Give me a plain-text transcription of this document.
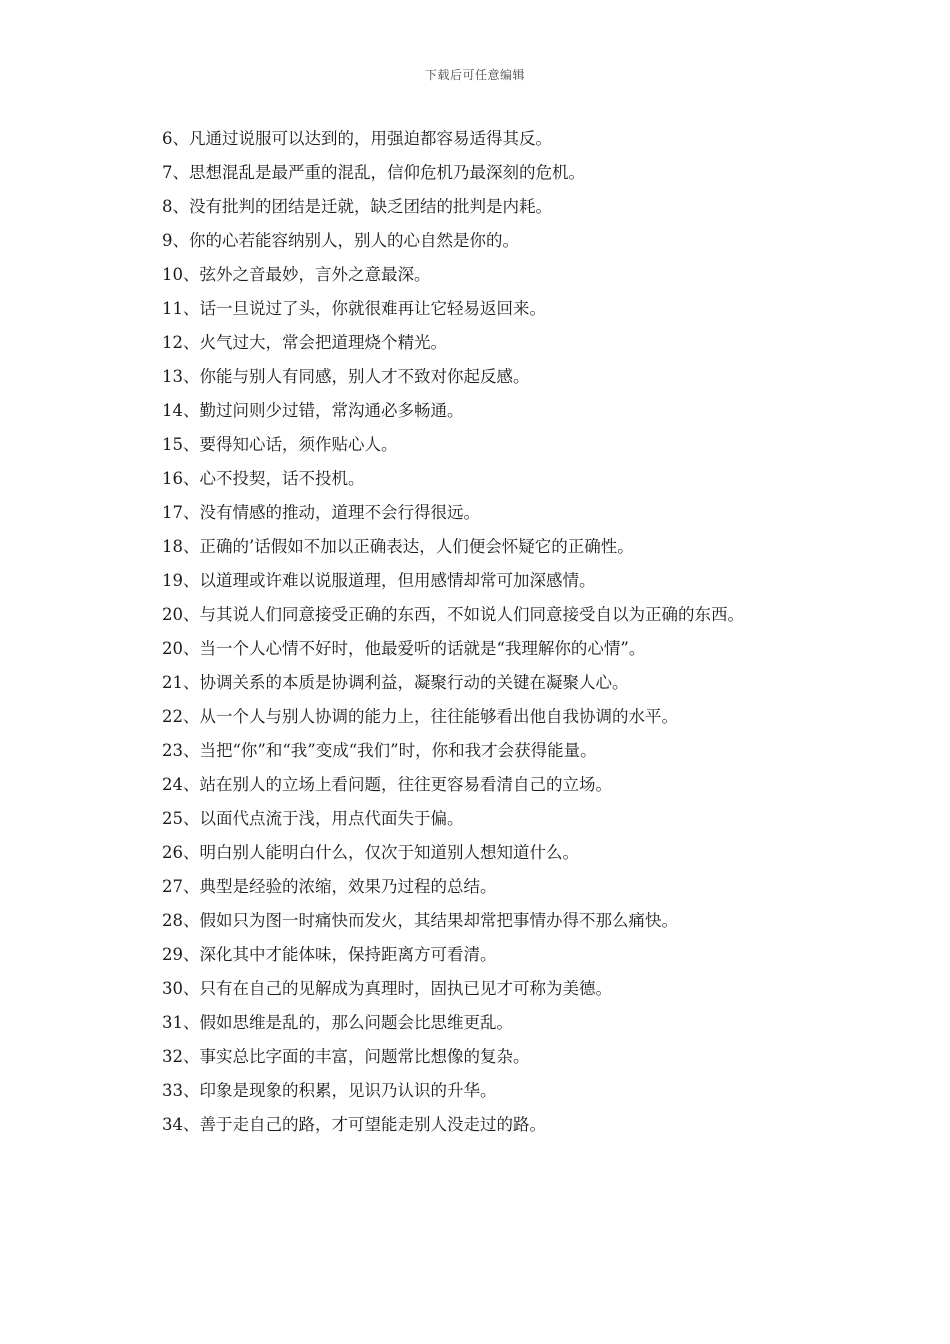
下载后可任意编辑

6、凡通过说服可以达到的，用强迫都容易适得其反。

7、思想混乱是最严重的混乱，信仰危机乃最深刻的危机。

8、没有批判的团结是迁就，缺乏团结的批判是内耗。

9、你的心若能容纳别人，别人的心自然是你的。

10、弦外之音最妙，言外之意最深。

11、话一旦说过了头，你就很难再让它轻易返回来。

12、火气过大，常会把道理烧个精光。

13、你能与别人有同感，别人才不致对你起反感。

14、勤过问则少过错，常沟通必多畅通。

15、要得知心话，须作贴心人。

16、心不投契，话不投机。

17、没有情感的推动，道理不会行得很远。

18、正确的’话假如不加以正确表达，人们便会怀疑它的正确性。

19、以道理或许难以说服道理，但用感情却常可加深感情。

20、与其说人们同意接受正确的东西，不如说人们同意接受自以为正确的东西。

20、当一个人心情不好时，他最爱听的话就是“我理解你的心情”。

21、协调关系的本质是协调利益，凝聚行动的关键在凝聚人心。

22、从一个人与别人协调的能力上，往往能够看出他自我协调的水平。

23、当把“你”和“我”变成“我们”时，你和我才会获得能量。

24、站在别人的立场上看问题，往往更容易看清自己的立场。

25、以面代点流于浅，用点代面失于偏。

26、明白别人能明白什么，仅次于知道别人想知道什么。

27、典型是经验的浓缩，效果乃过程的总结。

28、假如只为图一时痛快而发火，其结果却常把事情办得不那么痛快。

29、深化其中才能体味，保持距离方可看清。

30、只有在自己的见解成为真理时，固执已见才可称为美德。

31、假如思维是乱的，那么问题会比思维更乱。

32、事实总比字面的丰富，问题常比想像的复杂。

33、印象是现象的积累，见识乃认识的升华。

34、善于走自己的路，才可望能走别人没走过的路。
